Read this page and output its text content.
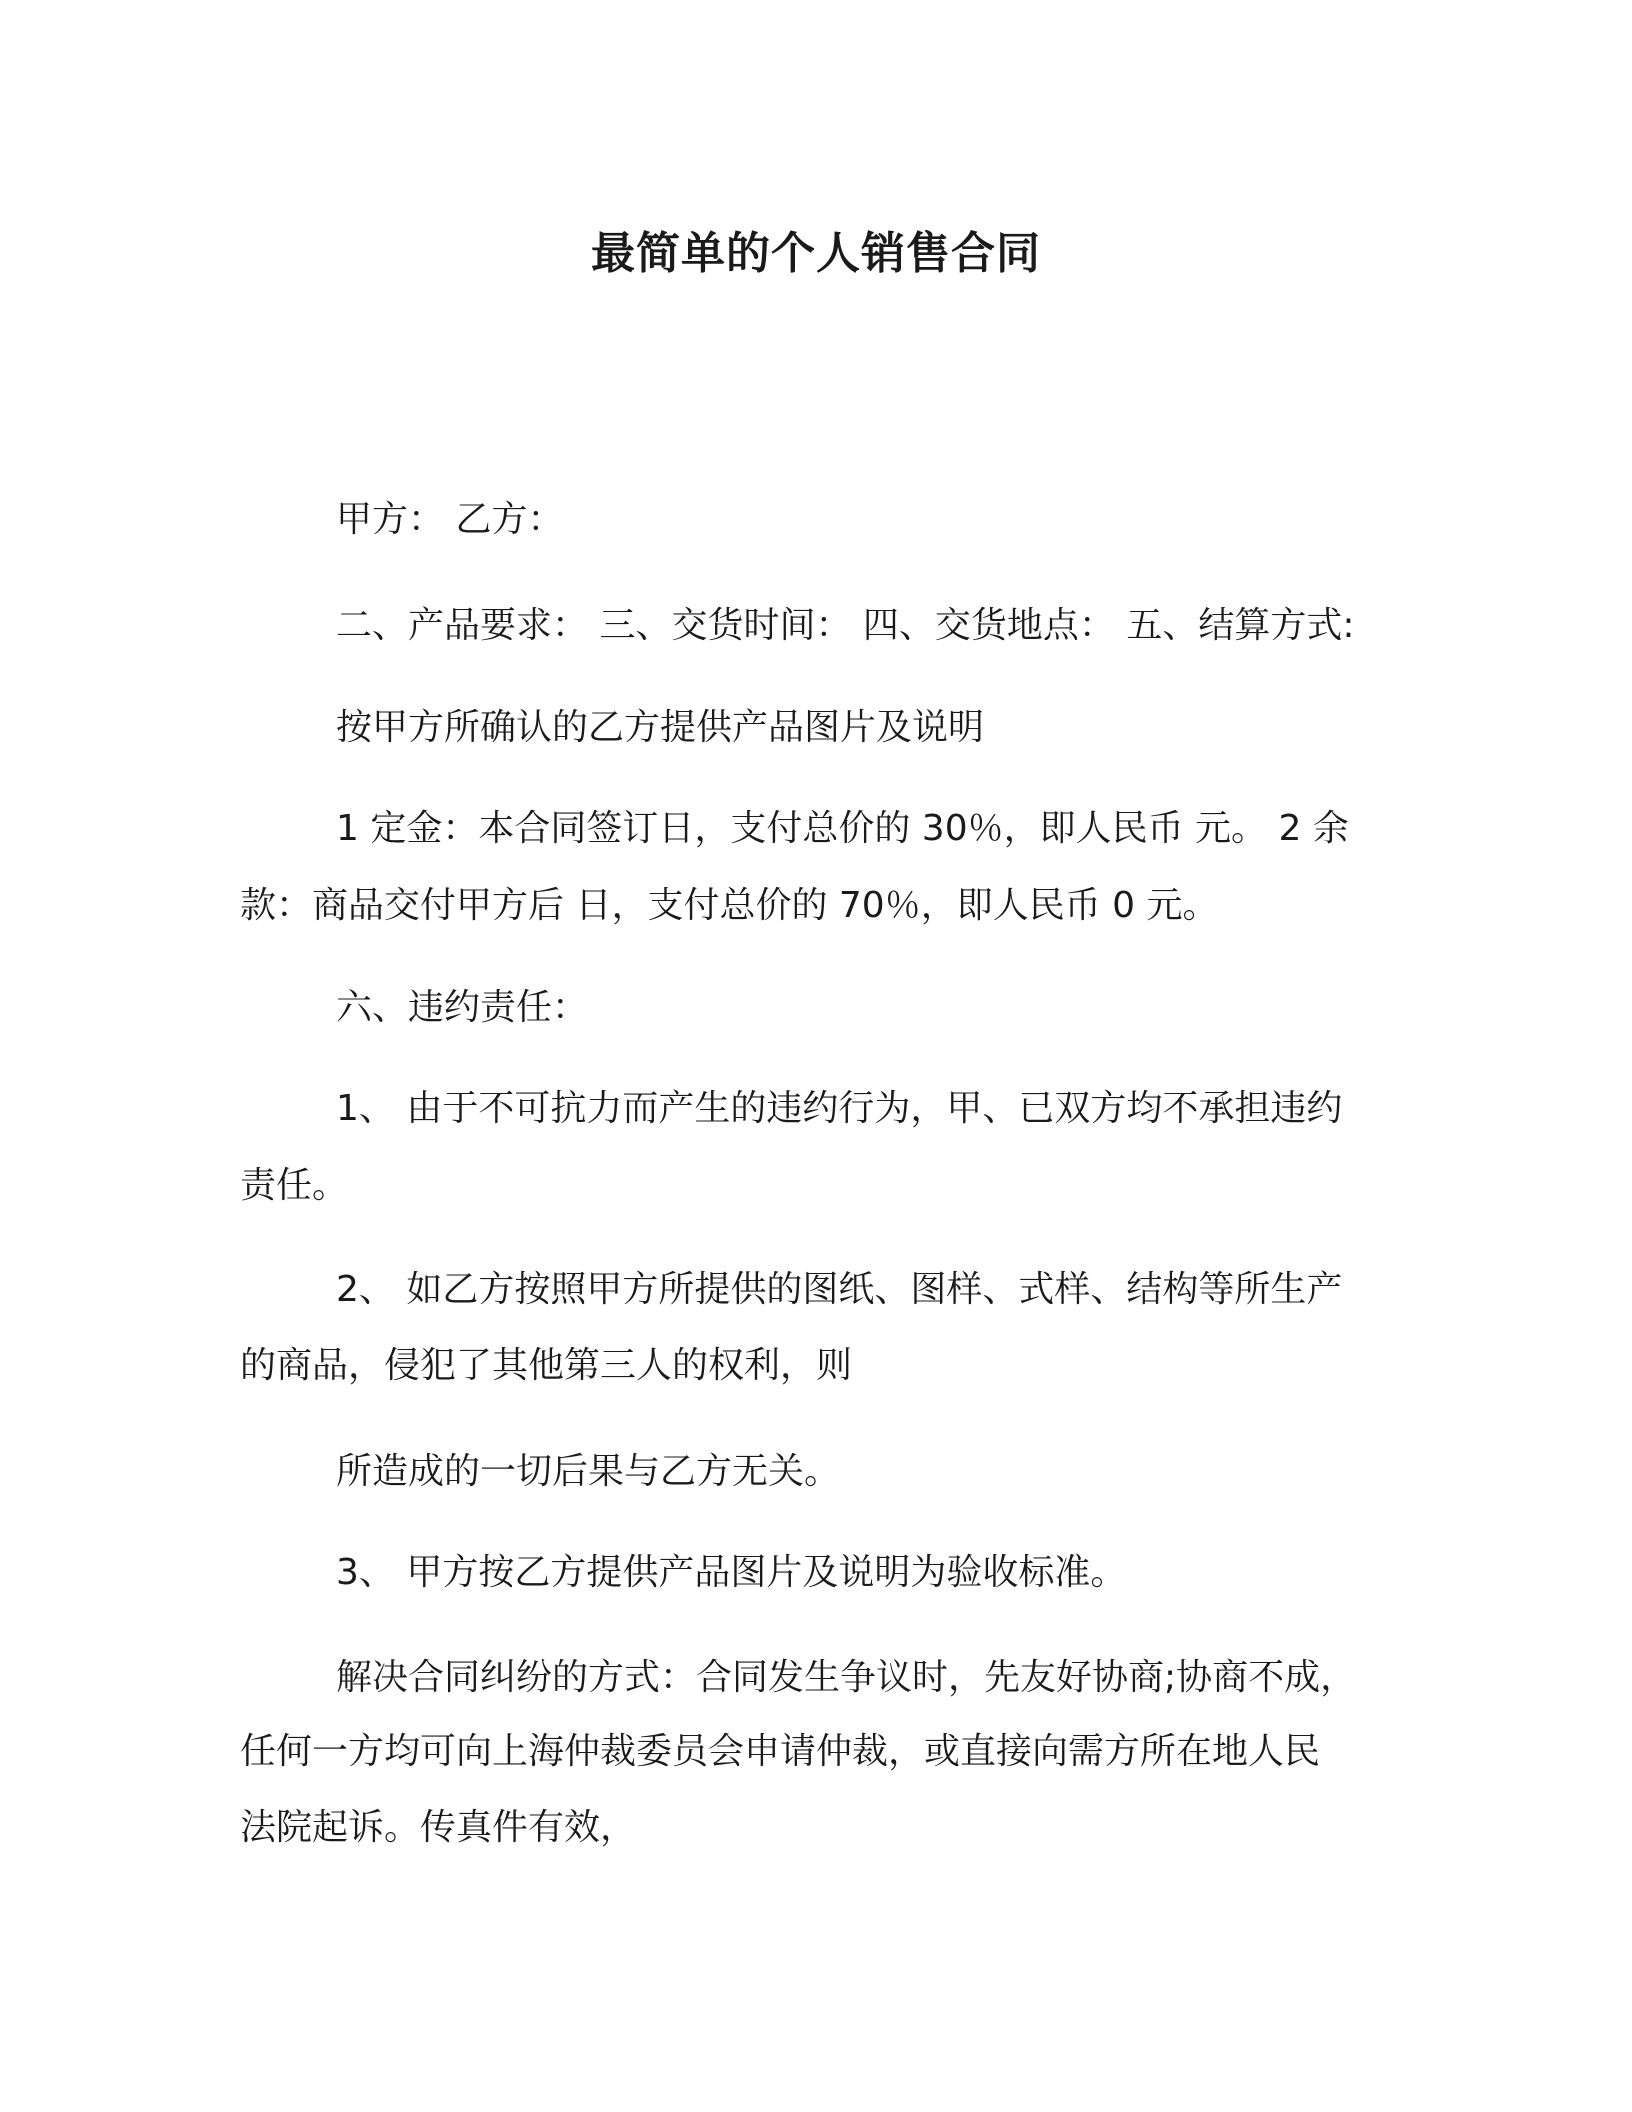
最简单的个人销售合同

甲方： 乙方：

二、产品要求： 三、交货时间： 四、交货地点： 五、结算方式:

按甲方所确认的乙方提供产品图片及说明

1 定金：本合同签订日，支付总价的 30％，即人民币 元。 2 余

款：商品交付甲方后 日，支付总价的 70％，即人民币 0 元。

六、违约责任：

1、 由于不可抗力而产生的违约行为，甲、已双方均不承担违约

责任。

2、 如乙方按照甲方所提供的图纸、图样、式样、结构等所生产

的商品，侵犯了其他第三人的权利，则

所造成的一切后果与乙方无关。

3、 甲方按乙方提供产品图片及说明为验收标准。

解决合同纠纷的方式：合同发生争议时，先友好协商;协商不成，

任何一方均可向上海仲裁委员会申请仲裁，或直接向需方所在地人民

法院起诉。传真件有效，
